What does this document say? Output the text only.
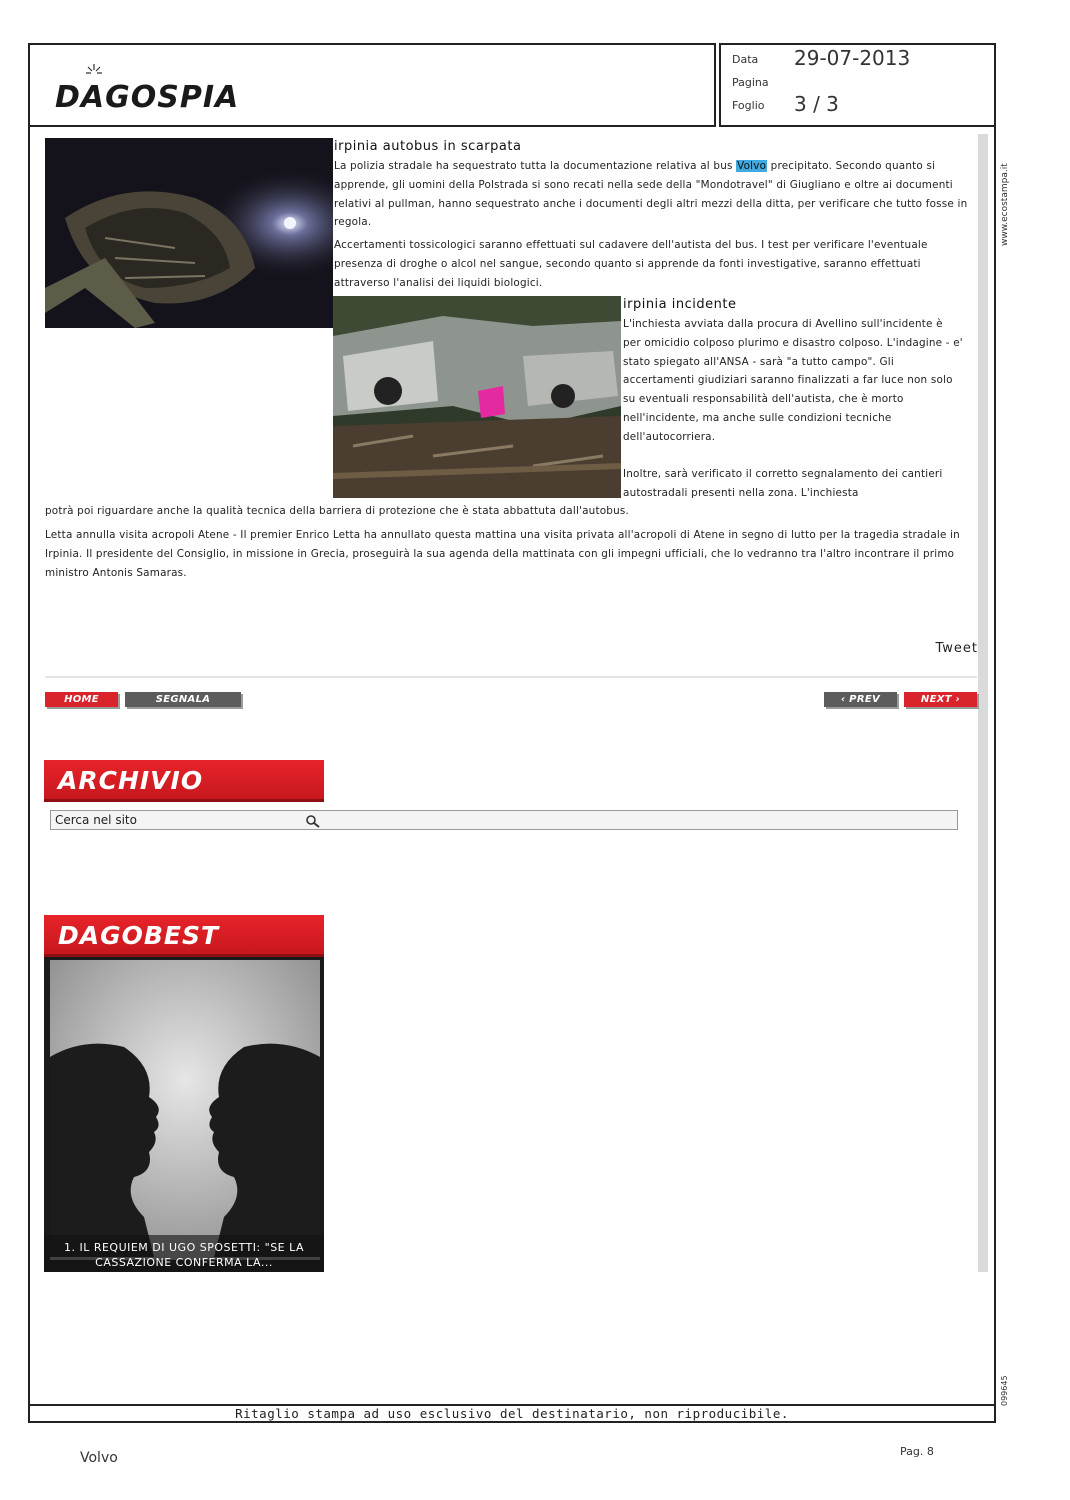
DAGOSPIA
Data 29-07-2013
Pagina
Foglio 3 / 3
www.ecostampa.it
099645
irpinia autobus in scarpata

La polizia stradale ha sequestrato tutta la documentazione relativa al bus Volvo precipitato. Secondo quanto si apprende, gli uomini della Polstrada si sono recati nella sede della "Mondotravel" di Giugliano e oltre ai documenti relativi al pullman, hanno sequestrato anche i documenti degli altri mezzi della ditta, per verificare che tutto fosse in regola.

Accertamenti tossicologici saranno effettuati sul cadavere dell'autista del bus. I test per verificare l'eventuale presenza di droghe o alcol nel sangue, secondo quanto si apprende da fonti investigative, saranno effettuati attraverso l'analisi dei liquidi biologici.

irpinia incidente

L'inchiesta avviata dalla procura di Avellino sull'incidente è per omicidio colposo plurimo e disastro colposo. L'indagine - e' stato spiegato all'ANSA - sarà "a tutto campo". Gli accertamenti giudiziari saranno finalizzati a far luce non solo su eventuali responsabilità dell'autista, che è morto nell'incidente, ma anche sulle condizioni tecniche dell'autocorriera.

Inoltre, sarà verificato il corretto segnalamento dei cantieri autostradali presenti nella zona. L'inchiesta

potrà poi riguardare anche la qualità tecnica della barriera di protezione che è stata abbattuta dall'autobus.

Letta annulla visita acropoli Atene - Il premier Enrico Letta ha annullato questa mattina una visita privata all'acropoli di Atene in segno di lutto per la tragedia stradale in Irpinia. Il presidente del Consiglio, in missione in Grecia, proseguirà la sua agenda della mattinata con gli impegni ufficiali, che lo vedranno tra l'altro incontrare il primo ministro Antonis Samaras.

Tweet
HOME	SEGNALA ARTICOLO
‹ PREV	NEXT ›
ARCHIVIO
Cerca nel sito
DAGOBEST
1. IL REQUIEM DI UGO SPOSETTI: "SE LA CASSAZIONE CONFERMA LA...
Ritaglio stampa ad uso esclusivo del destinatario, non riproducibile.
Volvo	Pag. 8
